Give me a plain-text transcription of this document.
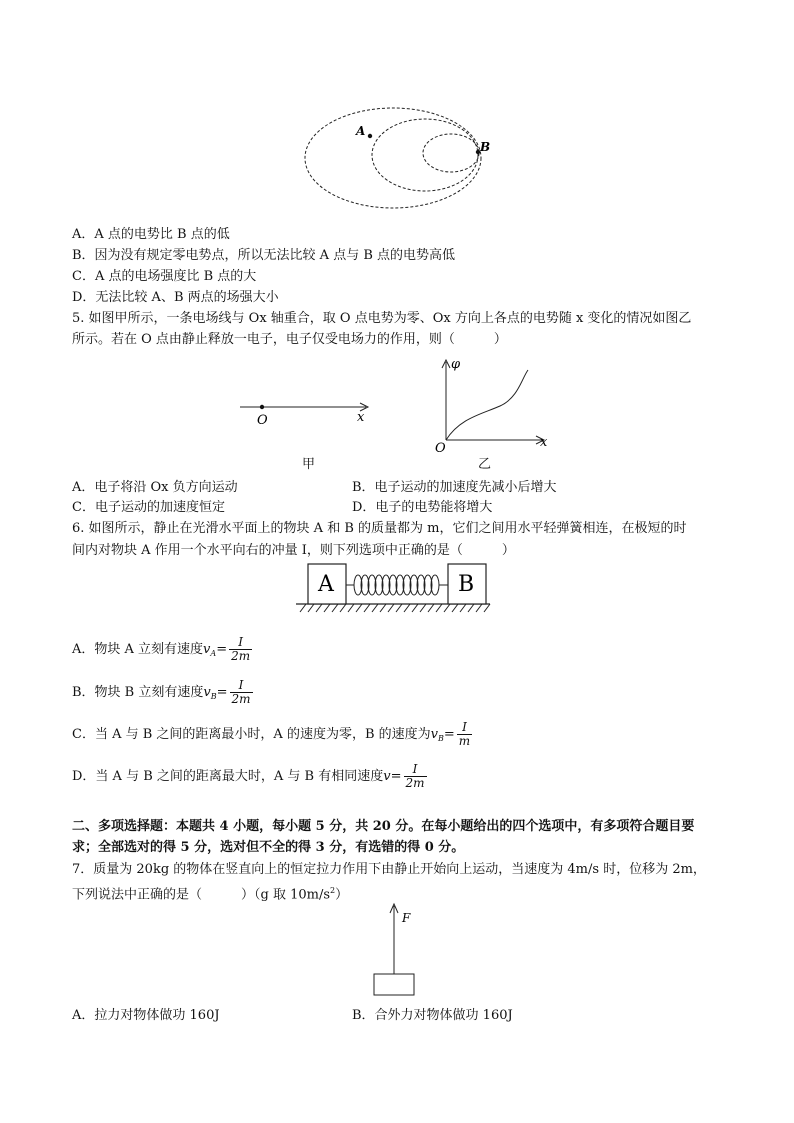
A
B
A．A 点的电势比 B 点的低
B．因为没有规定零电势点，所以无法比较 A 点与 B 点的电势高低
C．A 点的电场强度比 B 点的大
D．无法比较 A、B 两点的场强大小
5. 如图甲所示，一条电场线与 Ox 轴重合，取 O 点电势为零、Ox 方向上各点的电势随 x 变化的情况如图乙
所示。若在 O 点由静止释放一电子，电子仅受电场力的作用，则（　　　）
O	x
甲
φ
x
O
乙
A．电子将沿 Ox 负方向运动	B．电子运动的加速度先减小后增大
C．电子运动的加速度恒定	D．电子的电势能将增大
6. 如图所示，静止在光滑水平面上的物块 A 和 B 的质量都为 m，它们之间用水平轻弹簧相连，在极短的时
间内对物块 A 作用一个水平向右的冲量 I，则下列选项中正确的是（　　　）
A	B
A．物块 A 立刻有速度$v_A= \frac{I}{2m}$
B．物块 B 立刻有速度$v_B= \frac{I}{2m}$
C．当 A 与 B 之间的距离最小时，A 的速度为零，B 的速度为$v_B= \frac{I}{m}$
D．当 A 与 B 之间的距离最大时，A 与 B 有相同速度$v= \frac{I}{2m}$
二、多项选择题：本题共 4 小题，每小题 5 分，共 20 分。在每小题给出的四个选项中，有多项符合题目要
求；全部选对的得 5 分，选对但不全的得 3 分，有选错的得 0 分。
7．质量为 20kg 的物体在竖直向上的恒定拉力作用下由静止开始向上运动，当速度为 4m/s 时，位移为 2m，
下列说法中正确的是（　　　）（g 取 $10m/s^2$）
F
A．拉力对物体做功 160J	B．合外力对物体做功 160J
